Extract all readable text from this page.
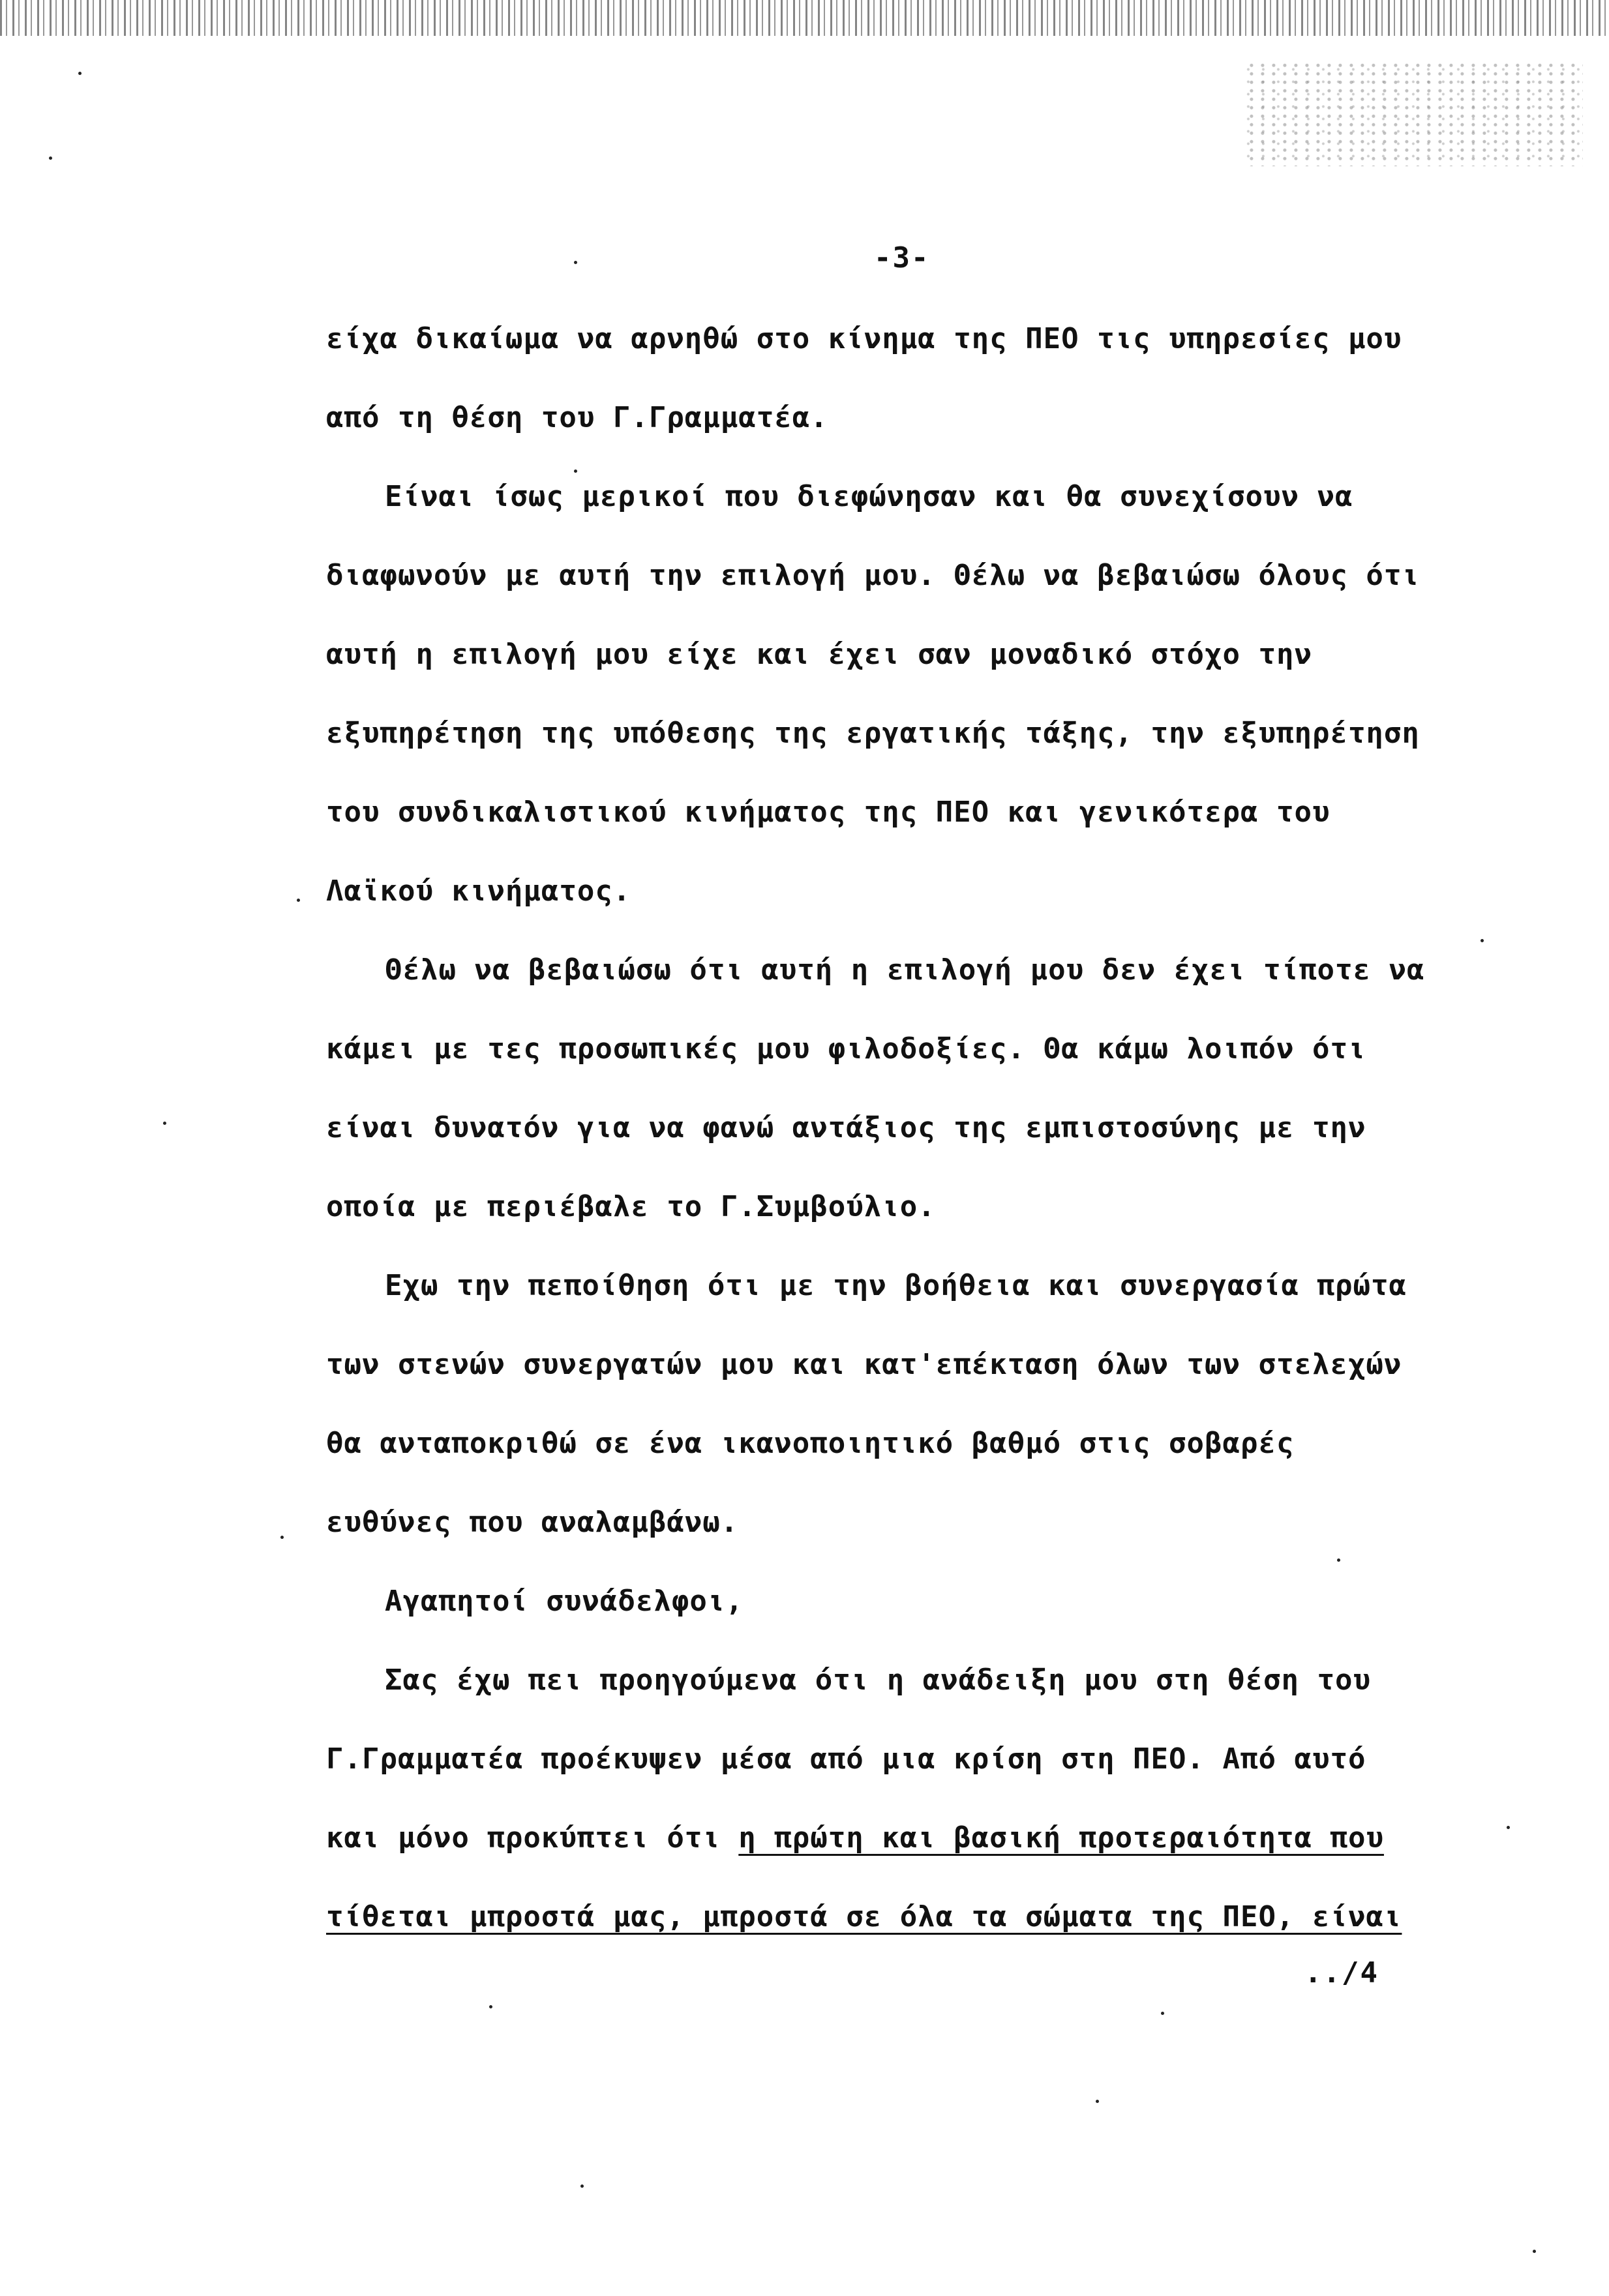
-3-
είχα δικαίωμα να αρνηθώ στο κίνημα της ΠΕΟ τις υπηρεσίες μου
από τη θέση του Γ.Γραμματέα.
Είναι ίσως μερικοί που διεφώνησαν και θα συνεχίσουν να
διαφωνούν με αυτή την επιλογή μου. Θέλω να βεβαιώσω όλους ότι
αυτή η επιλογή μου είχε και έχει σαν μοναδικό στόχο την
εξυπηρέτηση της υπόθεσης της εργατικής τάξης, την εξυπηρέτηση
του συνδικαλιστικού κινήματος της ΠΕΟ και γενικότερα του
Λαϊκού κινήματος.
Θέλω να βεβαιώσω ότι αυτή η επιλογή μου δεν έχει τίποτε να
κάμει με τες προσωπικές μου φιλοδοξίες. Θα κάμω λοιπόν ότι
είναι δυνατόν για να φανώ αντάξιος της εμπιστοσύνης με την
οποία με περιέβαλε το Γ.Συμβούλιο.
Εχω την πεποίθηση ότι με την βοήθεια και συνεργασία πρώτα
των στενών συνεργατών μου και κατ'επέκταση όλων των στελεχών
θα ανταποκριθώ σε ένα ικανοποιητικό βαθμό στις σοβαρές
ευθύνες που αναλαμβάνω.
Αγαπητοί συνάδελφοι,
Σας έχω πει προηγούμενα ότι η ανάδειξη μου στη θέση του
Γ.Γραμματέα προέκυψεν μέσα από μια κρίση στη ΠΕΟ. Από αυτό
και μόνο προκύπτει ότι η πρώτη και βασική προτεραιότητα που
τίθεται μπροστά μας, μπροστά σε όλα τα σώματα της ΠΕΟ, είναι
../4
